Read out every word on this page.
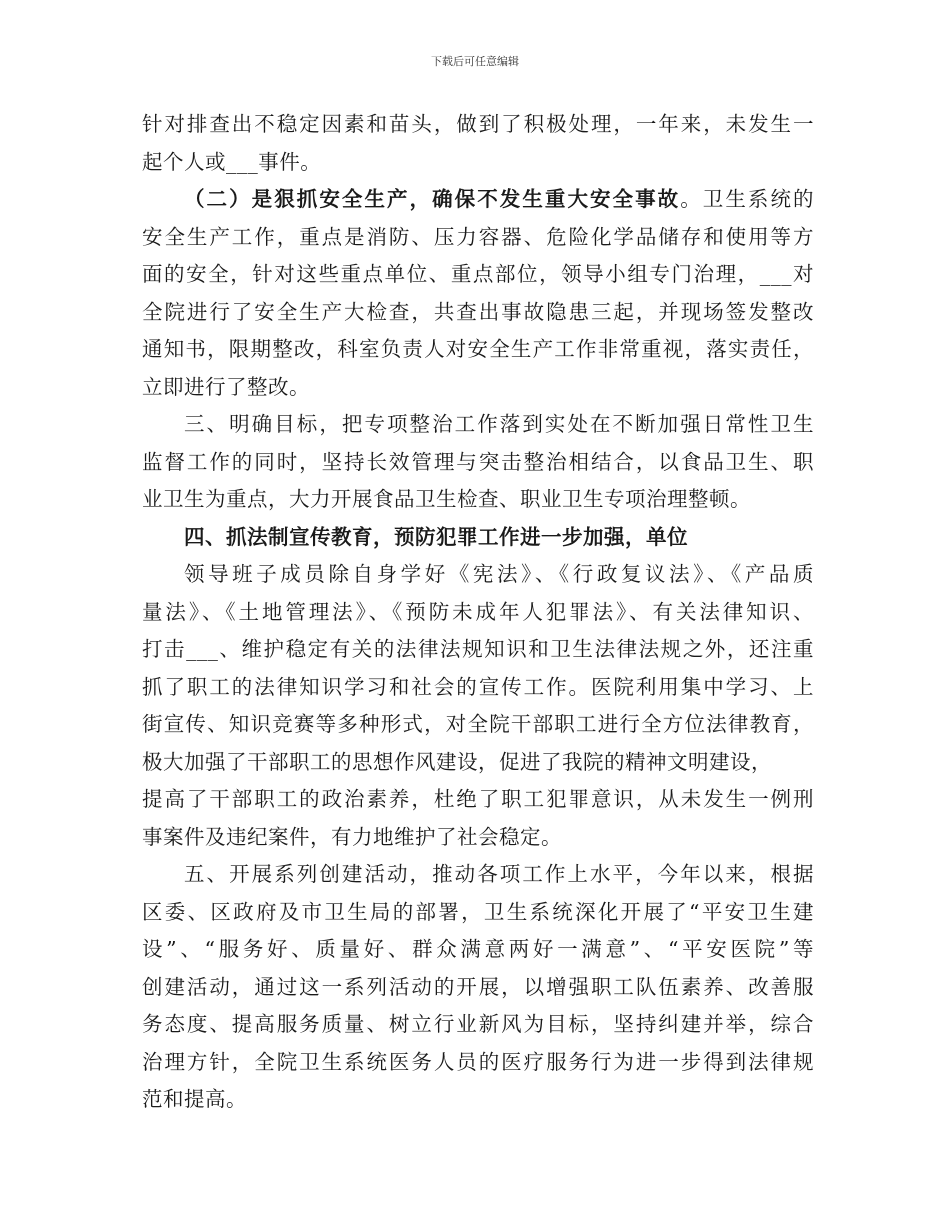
下载后可任意编辑
针对排查出不稳定因素和苗头，做到了积极处理，一年来，未发生一
起个人或___事件。
（二）是狠抓安全生产，确保不发生重大安全事故。卫生系统的
安全生产工作，重点是消防、压力容器、危险化学品储存和使用等方
面的安全，针对这些重点单位、重点部位，领导小组专门治理，___对
全院进行了安全生产大检查，共查出事故隐患三起，并现场签发整改
通知书，限期整改，科室负责人对安全生产工作非常重视，落实责任，
立即进行了整改。
三、明确目标，把专项整治工作落到实处在不断加强日常性卫生
监督工作的同时，坚持长效管理与突击整治相结合，以食品卫生、职
业卫生为重点，大力开展食品卫生检查、职业卫生专项治理整顿。
四、抓法制宣传教育，预防犯罪工作进一步加强，单位
领导班子成员除自身学好《宪法》、《行政复议法》、《产品质
量法》、《土地管理法》、《预防未成年人犯罪法》、有关法律知识、
打击___、维护稳定有关的法律法规知识和卫生法律法规之外，还注重
抓了职工的法律知识学习和社会的宣传工作。医院利用集中学习、上
街宣传、知识竞赛等多种形式，对全院干部职工进行全方位法律教育，
极大加强了干部职工的思想作风建设，促进了我院的精神文明建设，
提高了干部职工的政治素养，杜绝了职工犯罪意识，从未发生一例刑
事案件及违纪案件，有力地维护了社会稳定。
五、开展系列创建活动，推动各项工作上水平，今年以来，根据
区委、区政府及市卫生局的部署，卫生系统深化开展了“平安卫生建
设”、“服务好、质量好、群众满意两好一满意”、“平安医院”等
创建活动，通过这一系列活动的开展，以增强职工队伍素养、改善服
务态度、提高服务质量、树立行业新风为目标，坚持纠建并举，综合
治理方针，全院卫生系统医务人员的医疗服务行为进一步得到法律规
范和提高。
